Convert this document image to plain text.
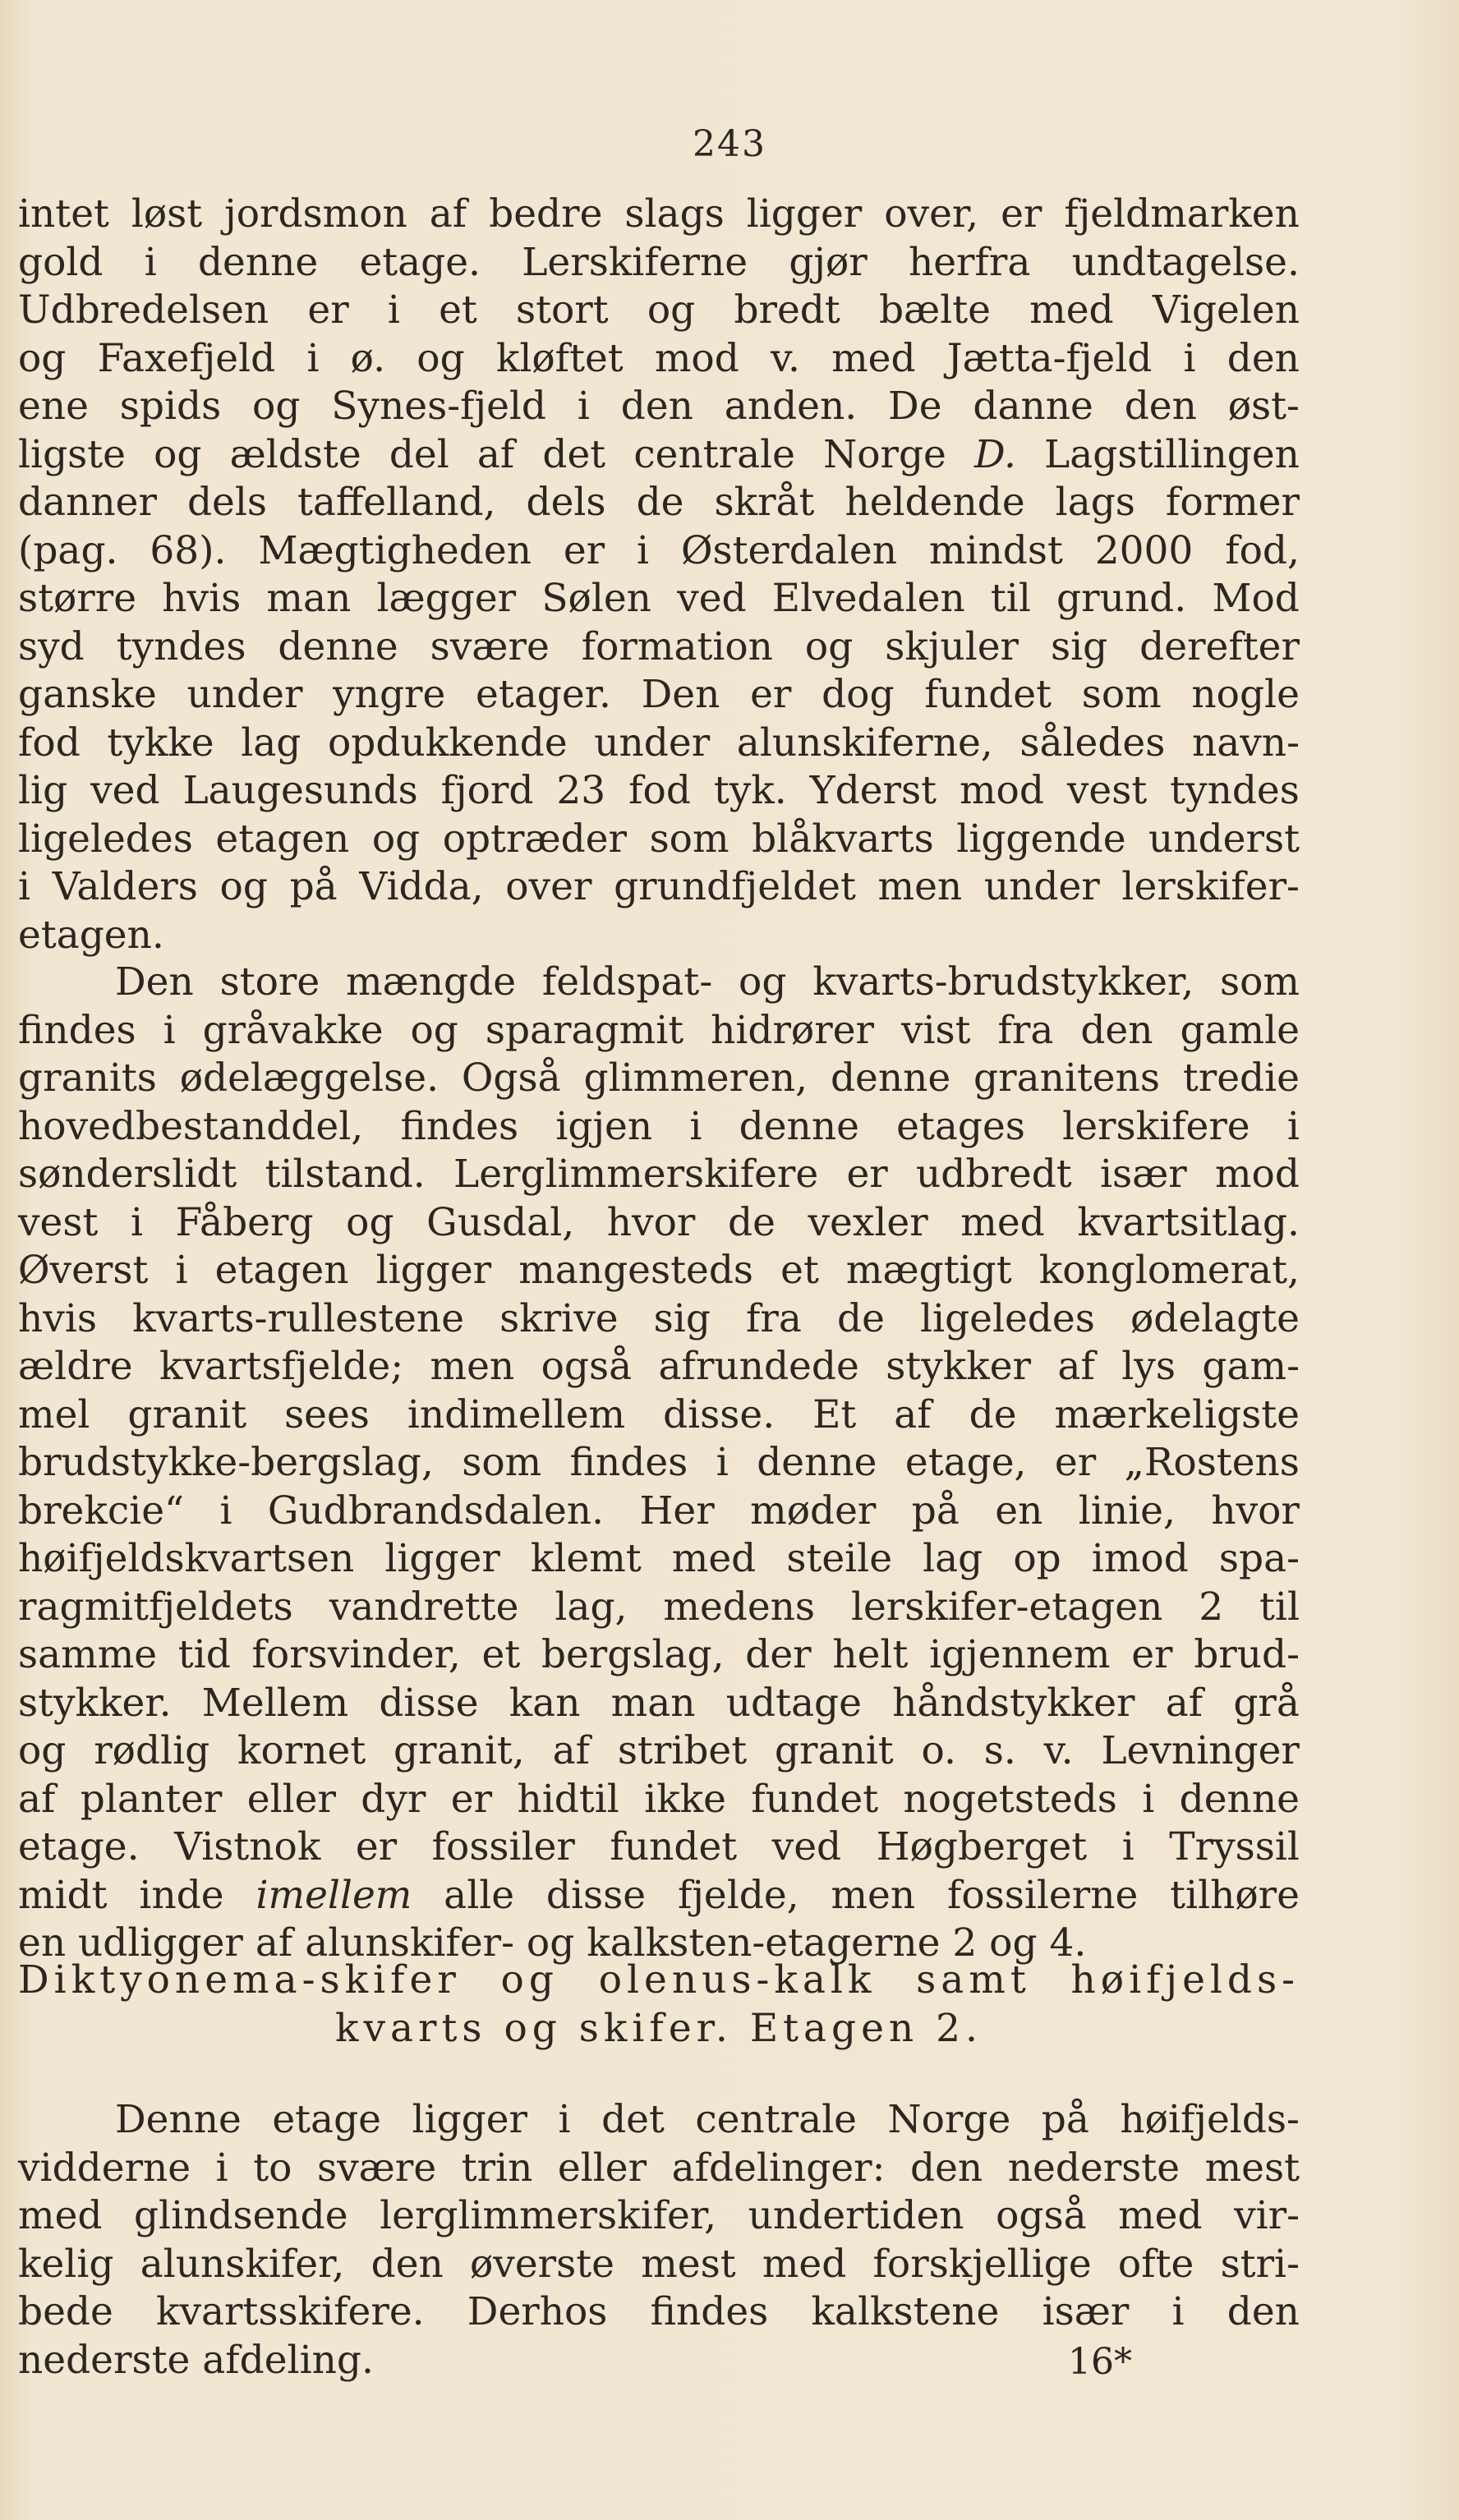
243
intet løst jordsmon af bedre slags ligger over, er fjeldmarken
gold i denne etage. Lerskiferne gjør herfra undtagelse.
Udbredelsen er i et stort og bredt bælte med Vigelen
og Faxefjeld i ø. og kløftet mod v. med Jætta-fjeld i den
ene spids og Synes-fjeld i den anden. De danne den øst-
ligste og ældste del af det centrale Norge D. Lagstillingen
danner dels taffelland, dels de skråt heldende lags former
(pag. 68). Mægtigheden er i Østerdalen mindst 2000 fod,
større hvis man lægger Sølen ved Elvedalen til grund. Mod
syd tyndes denne svære formation og skjuler sig derefter
ganske under yngre etager. Den er dog fundet som nogle
fod tykke lag opdukkende under alunskiferne, således navn-
lig ved Laugesunds fjord 23 fod tyk. Yderst mod vest tyndes
ligeledes etagen og optræder som blåkvarts liggende underst
i Valders og på Vidda, over grundfjeldet men under lerskifer-
etagen.
Den store mængde feldspat- og kvarts-brudstykker, som
findes i gråvakke og sparagmit hidrører vist fra den gamle
granits ødelæggelse. Også glimmeren, denne granitens tredie
hovedbestanddel, findes igjen i denne etages lerskifere i
sønderslidt tilstand. Lerglimmerskifere er udbredt især mod
vest i Fåberg og Gusdal, hvor de vexler med kvartsitlag.
Øverst i etagen ligger mangesteds et mægtigt konglomerat,
hvis kvarts-rullestene skrive sig fra de ligeledes ødelagte
ældre kvartsfjelde; men også afrundede stykker af lys gam-
mel granit sees indimellem disse. Et af de mærkeligste
brudstykke-bergslag, som findes i denne etage, er „Rostens
brekcie“ i Gudbrandsdalen. Her møder på en linie, hvor
høifjeldskvartsen ligger klemt med steile lag op imod spa-
ragmitfjeldets vandrette lag, medens lerskifer-etagen 2 til
samme tid forsvinder, et bergslag, der helt igjennem er brud-
stykker. Mellem disse kan man udtage håndstykker af grå
og rødlig kornet granit, af stribet granit o. s. v. Levninger
af planter eller dyr er hidtil ikke fundet nogetsteds i denne
etage. Vistnok er fossiler fundet ved Høgberget i Tryssil
midt inde imellem alle disse fjelde, men fossilerne tilhøre
en udligger af alunskifer- og kalksten-etagerne 2 og 4.
Diktyonema-skifer og olenus-kalk samt høifjelds-
kvarts og skifer. Etagen 2.
Denne etage ligger i det centrale Norge på høifjelds-
vidderne i to svære trin eller afdelinger: den nederste mest
med glindsende lerglimmerskifer, undertiden også med vir-
kelig alunskifer, den øverste mest med forskjellige ofte stri-
bede kvartsskifere. Derhos findes kalkstene især i den
nederste afdeling.	16*
